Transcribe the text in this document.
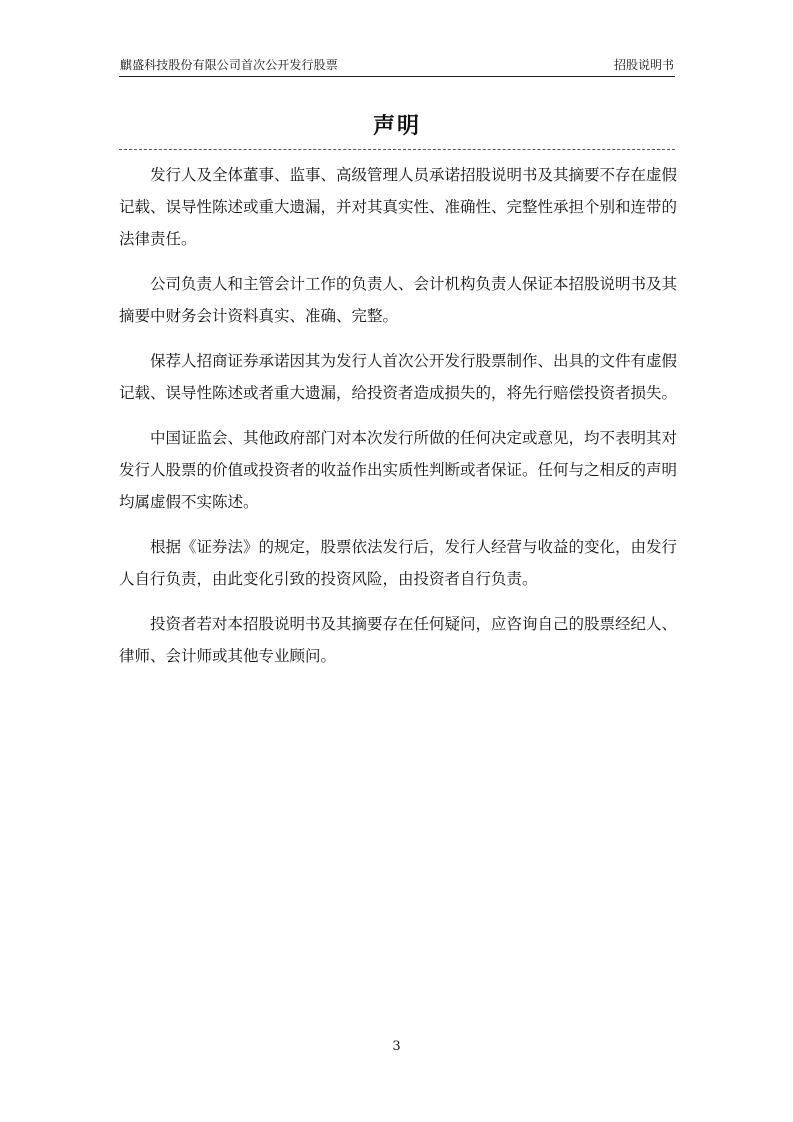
麒盛科技股份有限公司首次公开发行股票	招股说明书
声明

发行人及全体董事、监事、高级管理人员承诺招股说明书及其摘要不存在虚假记载、误导性陈述或重大遗漏，并对其真实性、准确性、完整性承担个别和连带的法律责任。

公司负责人和主管会计工作的负责人、会计机构负责人保证本招股说明书及其摘要中财务会计资料真实、准确、完整。

保荐人招商证券承诺因其为发行人首次公开发行股票制作、出具的文件有虚假记载、误导性陈述或者重大遗漏，给投资者造成损失的，将先行赔偿投资者损失。

中国证监会、其他政府部门对本次发行所做的任何决定或意见，均不表明其对发行人股票的价值或投资者的收益作出实质性判断或者保证。任何与之相反的声明均属虚假不实陈述。

根据《证券法》的规定，股票依法发行后，发行人经营与收益的变化，由发行人自行负责，由此变化引致的投资风险，由投资者自行负责。

投资者若对本招股说明书及其摘要存在任何疑问，应咨询自己的股票经纪人、律师、会计师或其他专业顾问。

3
